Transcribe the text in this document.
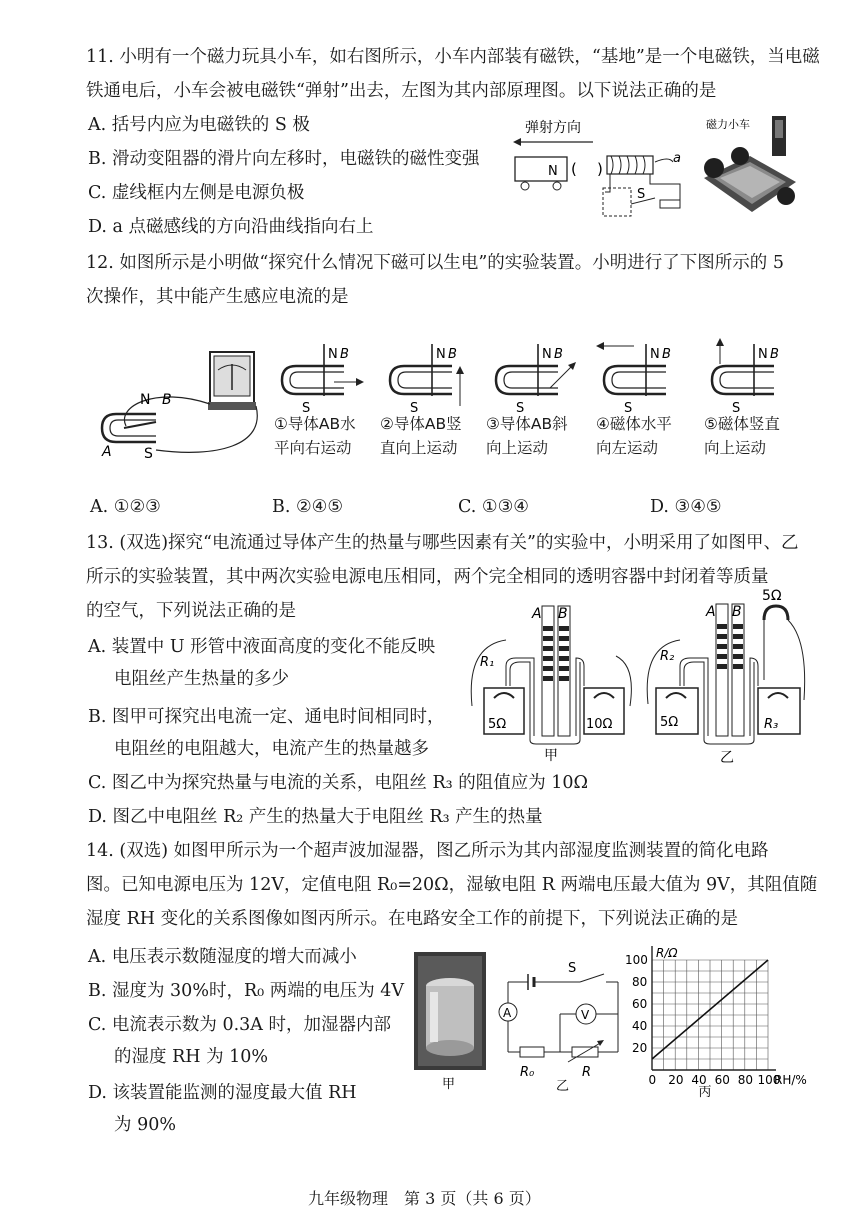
11. 小明有一个磁力玩具小车，如右图所示，小车内部装有磁铁，“基地”是一个电磁铁，当电磁
铁通电后，小车会被电磁铁“弹射”出去，左图为其内部原理图。以下说法正确的是
A. 括号内应为电磁铁的 S 极
B. 滑动变阻器的滑片向左移时，电磁铁的磁性变强
C. 虚线框内左侧是电源负极
D. a 点磁感线的方向沿曲线指向右上
弹射方向
N ( )
a
S
磁力小车
12. 如图所示是小明做“探究什么情况下磁可以生电”的实验装置。小明进行了下图所示的 5
次操作，其中能产生感应电流的是
N B
A S
N B
S
N B
S
N B
S
N B
S
N B
S
①导体AB水
平向右运动
②导体AB竖
直向上运动
③导体AB斜
向上运动
④磁体水平
向左运动
⑤磁体竖直
向上运动
A. ①②③	B. ②④⑤	C. ①③④	D. ③④⑤
13. (双选)探究“电流通过导体产生的热量与哪些因素有关”的实验中，小明采用了如图甲、乙
所示的实验装置，其中两次实验电源电压相同，两个完全相同的透明容器中封闭着等质量
的空气，下列说法正确的是
A. 装置中 U 形管中液面高度的变化不能反映
电阻丝产生热量的多少
B. 图甲可探究出电流一定、通电时间相同时，
电阻丝的电阻越大，电流产生的热量越多
C. 图乙中为探究热量与电流的关系，电阻丝 R₃ 的阻值应为 10Ω
D. 图乙中电阻丝 R₂ 产生的热量大于电阻丝 R₃ 产生的热量
A B
5Ω	10Ω
R₁
甲
5Ω
A B
5Ω	R₃
R₂
乙
14. (双选) 如图甲所示为一个超声波加湿器，图乙所示为其内部湿度监测装置的简化电路
图。已知电源电压为 12V，定值电阻 R₀=20Ω，湿敏电阻 R 两端电压最大值为 9V，其阻值随
湿度 RH 变化的关系图像如图丙所示。在电路安全工作的前提下，下列说法正确的是
A. 电压表示数随湿度的增大而减小
B. 湿度为 30%时，R₀ 两端的电压为 4V
C. 电流表示数为 0.3A 时，加湿器内部
的湿度 RH 为 10%
D. 该装置能监测的湿度最大值 RH
为 90%
甲
S
A	V
R₀	R
乙	0 20 40 60 80 100
20
40
60
80
100 R/Ω
RH/%
丙
九年级物理　第 3 页（共 6 页）
